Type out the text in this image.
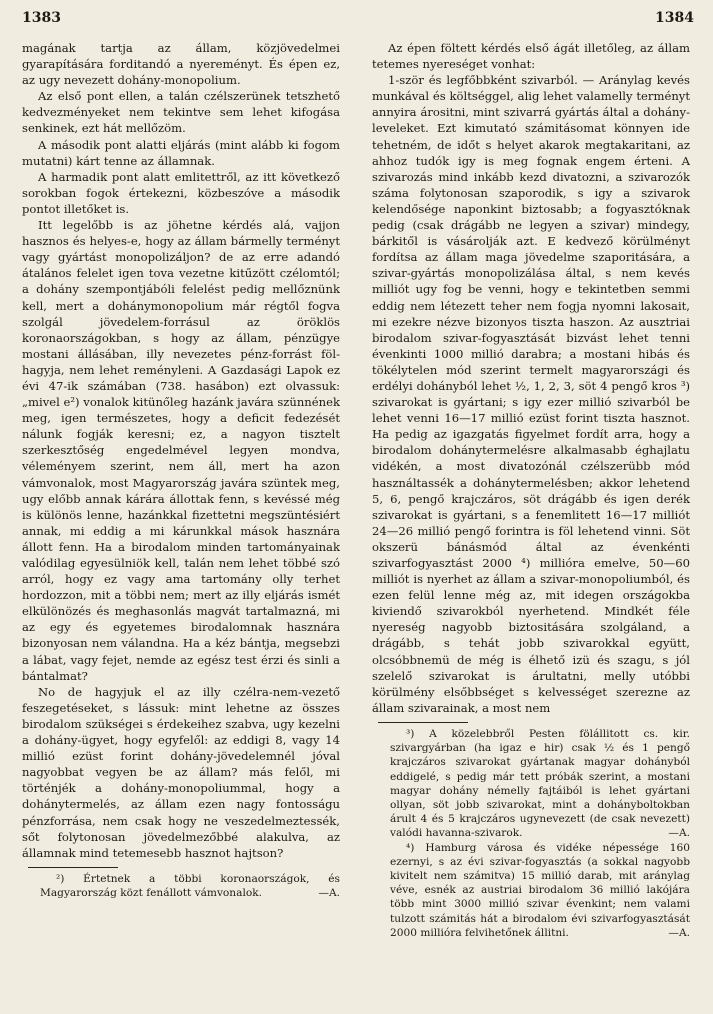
1383	1384

magának tartja az állam, közjövedelmei gyarapítására forditandó a nyereményt. És épen ez, az ugy nevezett dohány-monopolium.

Az első pont ellen, a talán czélszerünek tetszhető kedvezményeket nem tekintve sem lehet kifogása senkinek, ezt hát mellőzöm.

A második pont alatti eljárás (mint alább ki fogom mutatni) kárt tenne az államnak.

A harmadik pont alatt emlitettről, az itt következő sorokban fogok értekezni, közbeszóve a második pontot illetőket is.

Itt legelőbb is az jöhetne kérdés alá, vajjon hasznos és helyes-e, hogy az állam bármelly terményt vagy gyártást monopolizáljon? de az erre adandó átalános felelet igen tova vezetne kitűzött czélomtól; a dohány szempontjábóli felelést pedig mellőznünk kell, mert a dohánymonopolium már régtől fogva szolgál jövedelem-forrásul az öröklös koronaországokban, s hogy az állam, pénzügye mostani állásában, illy nevezetes pénz-forrást föl-hagyja, nem lehet reményleni. A Gazdasági Lapok ez évi 47-ik számában (738. hasábon) ezt olvassuk: „mivel e²) vonalok kitünőleg hazánk javára szünnének meg, igen természetes, hogy a deficit fedezését nálunk fogják keresni; ez, a nagyon tisztelt szerkesztőség engedelmével legyen mondva, véleményem szerint, nem áll, mert ha azon vámvonalok, most Magyarország javára szüntek meg, ugy előbb annak kárára állottak fenn, s kevéssé még is különös lenne, hazánkkal fizettetni megszüntésiért annak, mi eddig a mi kárunkkal mások hasznára állott fenn. Ha a birodalom minden tartományainak valódilag egyesülniök kell, talán nem lehet többé szó arról, hogy ez vagy ama tartomány olly terhet hordozzon, mit a többi nem; mert az illy eljárás ismét elkülönözés és meghasonlás magvát tartalmazná, mi az egy és egyetemes birodalomnak hasznára bizonyosan nem válandna. Ha a kéz bántja, megsebzi a lábat, vagy fejet, nemde az egész test érzi és sinli a bántalmat?

No de hagyjuk el az illy czélra-nem-vezető feszegetéseket, s lássuk: mint lehetne az összes birodalom szükségei s érdekeihez szabva, ugy kezelni a dohány-ügyet, hogy egyfelől: az eddigi 8, vagy 14 millió ezüst forint dohány-jövedelemnél jóval nagyobbat vegyen be az állam? más felől, mi történjék a dohány-monopoliummal, hogy a dohánytermelés, az állam ezen nagy fontosságu pénzforrása, nem csak hogy ne veszedelmeztessék, sőt folytonosan jövedelmezőbbé alakulva, az államnak mind tetemesebb hasznot hajtson?

²) Értetnek a többi koronaországok, és Magyarország közt fenállott vámvonalok.	—A.

Az épen föltett kérdés első ágát illetőleg, az állam tetemes nyereséget vonhat:

1-ször és legfőbbként szivarból. — Aránylag kevés munkával és költséggel, alig lehet valamelly terményt annyira árositni, mint szivarrá gyártás által a dohány-leveleket. Ezt kimutató számitásomat könnyen ide tehetném, de időt s helyet akarok megtakaritani, az ahhoz tudók igy is meg fognak engem érteni. A szivarozás mind inkább kezd divatozni, a szivarozók száma folytonosan szaporodik, s igy a szivarok kelendősége naponkint biztosabb; a fogyasztóknak pedig (csak drágább ne legyen a szivar) mindegy, bárkitől is vásárolják azt. E kedvező körülményt fordítsa az állam maga jövedelme szaporitására, a szivar-gyártás monopolizálása által, s nem kevés milliót ugy fog be venni, hogy e tekintetben semmi eddig nem létezett teher nem fogja nyomni lakosait, mi ezekre nézve bizonyos tiszta haszon. Az ausztriai birodalom szivar-fogyasztását bizvást lehet tenni évenkinti 1000 millió darabra; a mostani hibás és tökélytelen mód szerint termelt magyarországi és erdélyi dohányból lehet ½, 1, 2, 3, söt 4 pengő kros ³) szivarokat is gyártani; s igy ezer millió szivarból be lehet venni 16—17 millió ezüst forint tiszta hasznot. Ha pedig az igazgatás figyelmet fordít arra, hogy a birodalom dohánytermelésre alkalmasabb éghajlatu vidékén, a most divatozónál czélszerübb mód használtassék a dohánytermelésben; akkor lehetend 5, 6, pengő krajczáros, söt drágább és igen derék szivarokat is gyártani, s a fenemlitett 16—17 milliót 24—26 millió pengő forintra is föl lehetend vinni. Söt okszerü bánásmód által az évenkénti szivarfogyasztást 2000 ⁴) millióra emelve, 50—60 milliót is nyerhet az állam a szivar-monopoliumból, és ezen felül lenne még az, mit idegen országokba kiviendő szivarokból nyerhetend. Mindkét féle nyereség nagyobb biztositására szolgáland, a drágább, s tehát jobb szivarokkal együtt, olcsóbbnemü de még is élhető izü és szagu, s jól szelelő szivarokat is árultatni, melly utóbbi körülmény elsőbbséget s kelvességet szerezne az állam szivarainak, a most nem

³) A közelebbről Pesten fölállitott cs. kir. szivargyárban (ha igaz e hir) csak ½ és 1 pengő krajczáros szivarokat gyártanak magyar dohányból eddigelé, s pedig már tett próbák szerint, a mostani magyar dohány némelly fajtáiból is lehet gyártani ollyan, söt jobb szivarokat, mint a dohányboltokban árult 4 és 5 krajczáros ugynevezett (de csak nevezett) valódi havanna-szivarok.	—A.

⁴) Hamburg városa és vidéke népessége 160 ezernyi, s az évi szivar-fogyasztás (a sokkal nagyobb kivitelt nem számitva) 15 millió darab, mit aránylag véve, esnék az austriai birodalom 36 millió lakójára több mint 3000 millió szivar évenkint; nem valami tulzott számitás hát a birodalom évi szivarfogyasztását 2000 millióra felvihetőnek állitni.	—A.
